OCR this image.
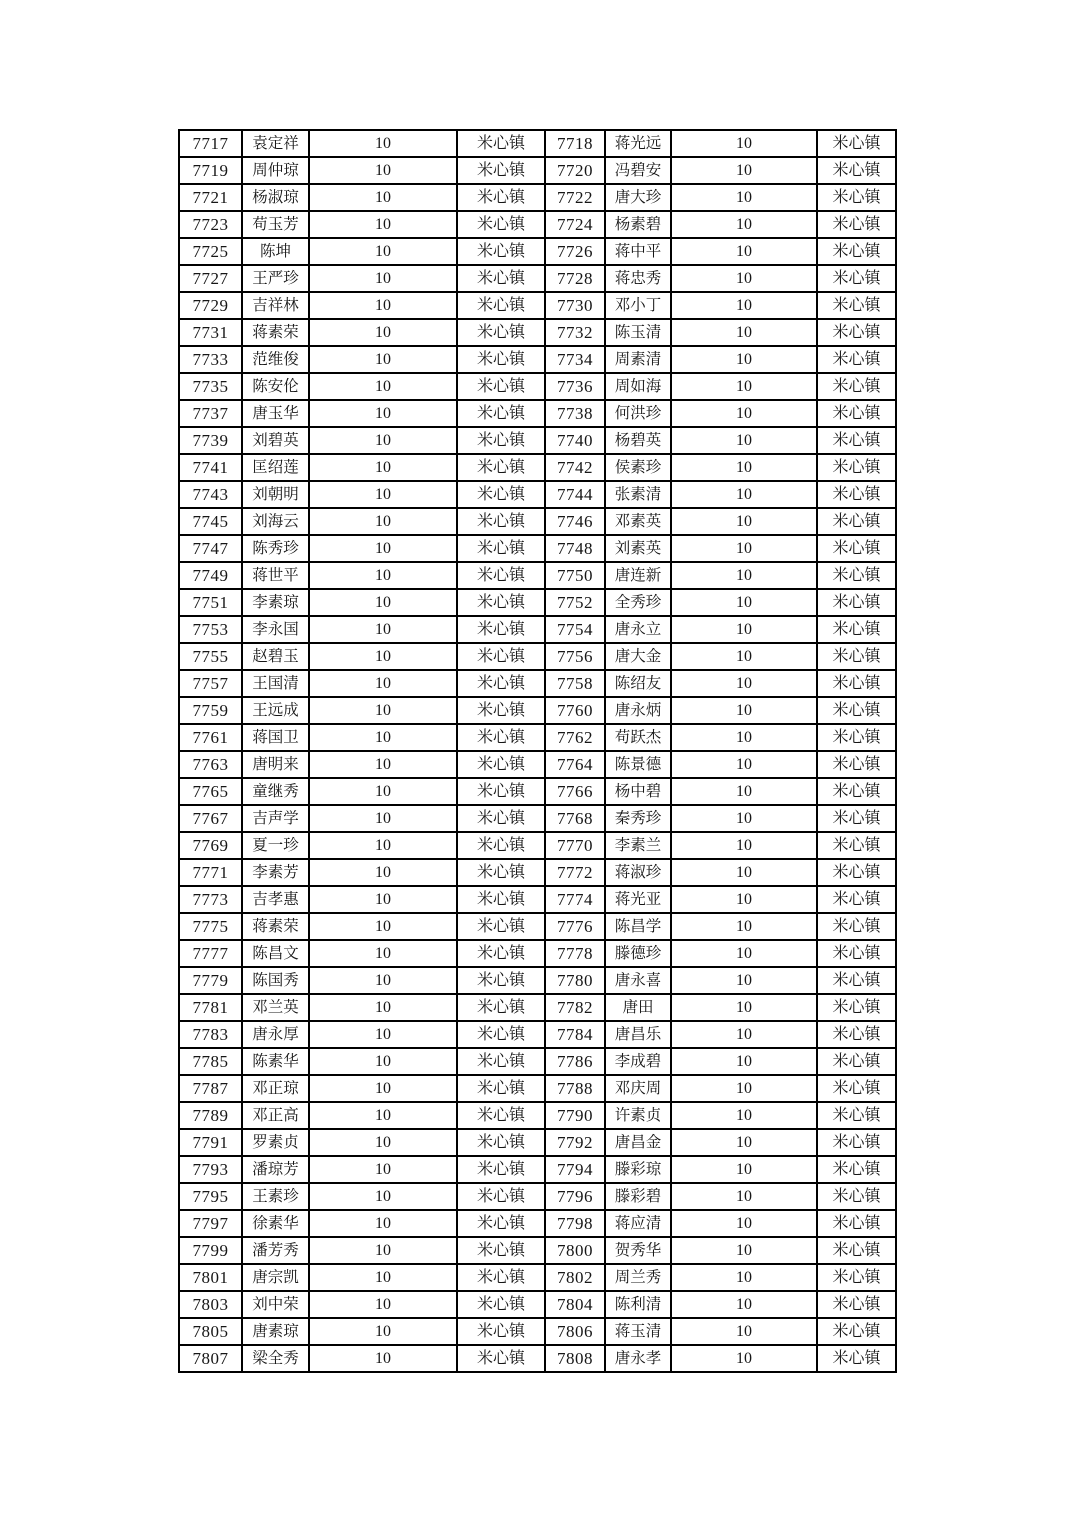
7717	袁定祥	10	米心镇	7718	蒋光远	10	米心镇
7719	周仲琼	10	米心镇	7720	冯碧安	10	米心镇
7721	杨淑琼	10	米心镇	7722	唐大珍	10	米心镇
7723	苟玉芳	10	米心镇	7724	杨素碧	10	米心镇
7725	陈坤	10	米心镇	7726	蒋中平	10	米心镇
7727	王严珍	10	米心镇	7728	蒋忠秀	10	米心镇
7729	吉祥林	10	米心镇	7730	邓小丁	10	米心镇
7731	蒋素荣	10	米心镇	7732	陈玉清	10	米心镇
7733	范维俊	10	米心镇	7734	周素清	10	米心镇
7735	陈安伦	10	米心镇	7736	周如海	10	米心镇
7737	唐玉华	10	米心镇	7738	何洪珍	10	米心镇
7739	刘碧英	10	米心镇	7740	杨碧英	10	米心镇
7741	匡绍莲	10	米心镇	7742	侯素珍	10	米心镇
7743	刘朝明	10	米心镇	7744	张素清	10	米心镇
7745	刘海云	10	米心镇	7746	邓素英	10	米心镇
7747	陈秀珍	10	米心镇	7748	刘素英	10	米心镇
7749	蒋世平	10	米心镇	7750	唐连新	10	米心镇
7751	李素琼	10	米心镇	7752	全秀珍	10	米心镇
7753	李永国	10	米心镇	7754	唐永立	10	米心镇
7755	赵碧玉	10	米心镇	7756	唐大金	10	米心镇
7757	王国清	10	米心镇	7758	陈绍友	10	米心镇
7759	王远成	10	米心镇	7760	唐永炳	10	米心镇
7761	蒋国卫	10	米心镇	7762	苟跃杰	10	米心镇
7763	唐明来	10	米心镇	7764	陈景德	10	米心镇
7765	童继秀	10	米心镇	7766	杨中碧	10	米心镇
7767	吉声学	10	米心镇	7768	秦秀珍	10	米心镇
7769	夏一珍	10	米心镇	7770	李素兰	10	米心镇
7771	李素芳	10	米心镇	7772	蒋淑珍	10	米心镇
7773	吉孝惠	10	米心镇	7774	蒋光亚	10	米心镇
7775	蒋素荣	10	米心镇	7776	陈昌学	10	米心镇
7777	陈昌文	10	米心镇	7778	滕德珍	10	米心镇
7779	陈国秀	10	米心镇	7780	唐永喜	10	米心镇
7781	邓兰英	10	米心镇	7782	唐田	10	米心镇
7783	唐永厚	10	米心镇	7784	唐昌乐	10	米心镇
7785	陈素华	10	米心镇	7786	李成碧	10	米心镇
7787	邓正琼	10	米心镇	7788	邓庆周	10	米心镇
7789	邓正高	10	米心镇	7790	许素贞	10	米心镇
7791	罗素贞	10	米心镇	7792	唐昌金	10	米心镇
7793	潘琼芳	10	米心镇	7794	滕彩琼	10	米心镇
7795	王素珍	10	米心镇	7796	滕彩碧	10	米心镇
7797	徐素华	10	米心镇	7798	蒋应清	10	米心镇
7799	潘芳秀	10	米心镇	7800	贺秀华	10	米心镇
7801	唐宗凯	10	米心镇	7802	周兰秀	10	米心镇
7803	刘中荣	10	米心镇	7804	陈利清	10	米心镇
7805	唐素琼	10	米心镇	7806	蒋玉清	10	米心镇
7807	梁全秀	10	米心镇	7808	唐永孝	10	米心镇
